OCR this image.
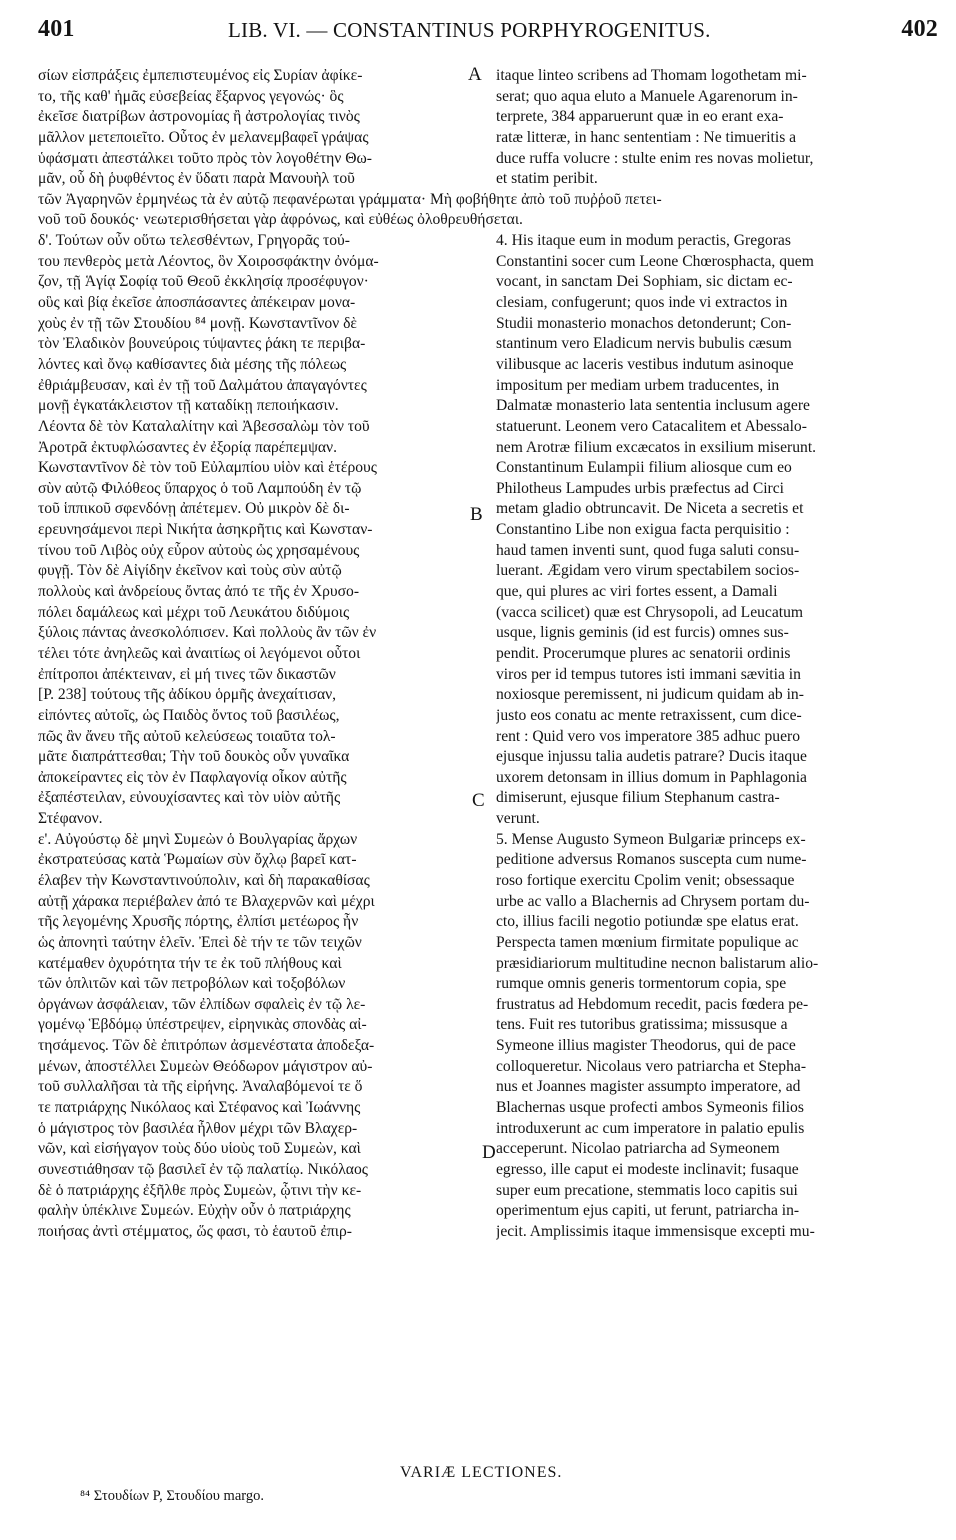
401	LIB. VI. — CONSTANTINUS PORPHYROGENITUS.	402
σίων εἰσπράξεις ἐμπεπιστευμένος εἰς Συρίαν ἀφίκε-
το, τῆς καθ' ἡμᾶς εὐσεβείας ἔξαρνος γεγονώς· ὃς
ἐκεῖσε διατρίβων ἀστρονομίας ἢ ἀστρολογίας τινὸς
μᾶλλον μετεποιεῖτο. Οὗτος ἐν μελανεμβαφεῖ γράψας
ὑφάσματι ἀπεστάλκει τοῦτο πρὸς τὸν λογοθέτην Θω-
μᾶν, οὗ δὴ ῥυφθέντος ἐν ὕδατι παρὰ Μανουὴλ τοῦ
τῶν Ἀγαρηνῶν ἑρμηνέως τὰ ἐν αὐτῷ πεφανέρωται γράμματα· Μὴ φοβήθητε ἀπὸ τοῦ πυῤῥοῦ πετει-
νοῦ τοῦ δουκός· νεωτερισθήσεται γὰρ ἀφρόνως, καὶ εὐθέως ὀλοθρευθήσεται.
δ'. Τούτων οὖν οὕτω τελεσθέντων, Γρηγορᾶς τού-
του πενθερὸς μετὰ Λέοντος, ὃν Χοιροσφάκτην ὀνόμα-
ζον, τῇ Ἁγίᾳ Σοφίᾳ τοῦ Θεοῦ ἐκκλησίᾳ προσέφυγον·
οὓς καὶ βίᾳ ἐκεῖσε ἀποσπάσαντες ἀπέκειραν μονα-
χοὺς ἐν τῇ τῶν Στουδίου ⁸⁴ μονῇ. Κωνσταντῖνον δὲ
τὸν Ἐλαδικὸν βουνεύροις τύψαντες ῥάκη τε περιβα-
λόντες καὶ ὄνῳ καθίσαντες διὰ μέσης τῆς πόλεως
ἐθριάμβευσαν, καὶ ἐν τῇ τοῦ Δαλμάτου ἀπαγαγόντες
μονῇ ἐγκατάκλειστον τῇ καταδίκῃ πεποιήκασιν.
Λέοντα δὲ τὸν Καταλαλίτην καὶ Ἀβεσσαλὼμ τὸν τοῦ
Ἀροτρᾶ ἐκτυφλώσαντες ἐν ἐξορίᾳ παρέπεμψαν.
Κωνσταντῖνον δὲ τὸν τοῦ Εὐλαμπίου υἱὸν καὶ ἑτέρους
σὺν αὐτῷ Φιλόθεος ὕπαρχος ὁ τοῦ Λαμπούδη ἐν τῷ
τοῦ ἱππικοῦ σφενδόνῃ ἀπέτεμεν. Οὐ μικρὸν δὲ δι-
ερευνησάμενοι περὶ Νικήτα ἀσηκρῆτις καὶ Κωνσταν-
τίνου τοῦ Λιβὸς οὐχ εὗρον αὐτοὺς ὡς χρησαμένους
φυγῇ. Τὸν δὲ Αἰγίδην ἐκεῖνον καὶ τοὺς σὺν αὐτῷ
πολλοὺς καὶ ἀνδρείους ὄντας ἀπό τε τῆς ἐν Χρυσο-
πόλει δαμάλεως καὶ μέχρι τοῦ Λευκάτου διδύμοις
ξύλοις πάντας ἀνεσκολόπισεν. Καὶ πολλοὺς ἂν τῶν ἐν
τέλει τότε ἀνηλεῶς καὶ ἀναιτίως οἱ λεγόμενοι οὗτοι
ἐπίτροποι ἀπέκτειναν, εἰ μή τινες τῶν δικαστῶν
[P. 238] τούτους τῆς ἀδίκου ὁρμῆς ἀνεχαίτισαν,
εἰπόντες αὐτοῖς, ὡς Παιδὸς ὄντος τοῦ βασιλέως,
πῶς ἂν ἄνευ τῆς αὐτοῦ κελεύσεως τοιαῦτα τολ-
μᾶτε διαπράττεσθαι; Τὴν τοῦ δουκὸς οὖν γυναῖκα
ἀποκείραντες εἰς τὸν ἐν Παφλαγονίᾳ οἶκον αὐτῆς
ἐξαπέστειλαν, εὐνουχίσαντες καὶ τὸν υἱὸν αὐτῆς
Στέφανον.
ε'. Αὐγούστῳ δὲ μηνὶ Συμεὼν ὁ Βουλγαρίας ἄρχων
ἐκστρατεύσας κατὰ Ῥωμαίων σὺν ὄχλῳ βαρεῖ κατ-
έλαβεν τὴν Κωνσταντινούπολιν, καὶ δὴ παρακαθίσας
αὐτῇ χάρακα περιέβαλεν ἀπό τε Βλαχερνῶν καὶ μέχρι
τῆς λεγομένης Χρυσῆς πόρτης, ἐλπίσι μετέωρος ἦν
ὡς ἀπονητὶ ταύτην ἑλεῖν. Ἐπεὶ δὲ τήν τε τῶν τειχῶν
κατέμαθεν ὀχυρότητα τήν τε ἐκ τοῦ πλήθους καὶ
τῶν ὁπλιτῶν καὶ τῶν πετροβόλων καὶ τοξοβόλων
ὀργάνων ἀσφάλειαν, τῶν ἐλπίδων σφαλεὶς ἐν τῷ λε-
γομένῳ Ἑβδόμῳ ὑπέστρεψεν, εἰρηνικὰς σπονδὰς αἰ-
τησάμενος. Τῶν δὲ ἐπιτρόπων ἀσμενέστατα ἀποδεξα-
μένων, ἀποστέλλει Συμεὼν Θεόδωρον μάγιστρον αὐ-
τοῦ συλλαλῆσαι τὰ τῆς εἰρήνης. Ἀναλαβόμενοί τε ὅ
τε πατριάρχης Νικόλαος καὶ Στέφανος καὶ Ἰωάννης
ὁ μάγιστρος τὸν βασιλέα ἦλθον μέχρι τῶν Βλαχερ-
νῶν, καὶ εἰσήγαγον τοὺς δύο υἱοὺς τοῦ Συμεὼν, καὶ
συνεστιάθησαν τῷ βασιλεῖ ἐν τῷ παλατίῳ. Νικόλαος
δὲ ὁ πατριάρχης ἐξῆλθε πρὸς Συμεὼν, ᾧτινι τὴν κε-
φαλὴν ὑπέκλινε Συμεών. Εὐχὴν οὖν ὁ πατριάρχης
ποιήσας ἀντὶ στέμματος, ὥς φασι, τὸ ἑαυτοῦ ἐπιρ-
itaque linteo scribens ad Thomam logothetam mi-
serat; quo aqua eluto a Manuele Agarenorum in-
terprete, 384 apparuerunt quæ in eo erant exa-
ratæ litteræ, in hanc sententiam : Ne timueritis a
duce ruffa volucre : stulte enim res novas molietur,
et statim peribit.
4. His itaque eum in modum peractis, Gregoras
Constantini socer cum Leone Chœrosphacta, quem
vocant, in sanctam Dei Sophiam, sic dictam ec-
clesiam, confugerunt; quos inde vi extractos in
Studii monasterio monachos detonderunt; Con-
stantinum vero Eladicum nervis bubulis cæsum
vilibusque ac laceris vestibus indutum asinoque
impositum per mediam urbem traducentes, in
Dalmatæ monasterio lata sententia inclusum agere
statuerunt. Leonem vero Catacalitem et Abessalo-
nem Arotræ filium excæcatos in exsilium miserunt.
Constantinum Eulampii filium aliosque cum eo
Philotheus Lampudes urbis præfectus ad Circi
metam gladio obtruncavit. De Niceta a secretis et
Constantino Libe non exigua facta perquisitio :
haud tamen inventi sunt, quod fuga saluti consu-
luerant. Ægidam vero virum spectabilem socios-
que, qui plures ac viri fortes essent, a Damali
(vacca scilicet) quæ est Chrysopoli, ad Leucatum
usque, lignis geminis (id est furcis) omnes sus-
pendit. Procerumque plures ac senatorii ordinis
viros per id tempus tutores isti immani sævitia in
noxiosque peremissent, ni judicum quidam ab in-
justo eos conatu ac mente retraxissent, cum dice-
rent : Quid vero vos imperatore 385 adhuc puero
ejusque injussu talia audetis patrare? Ducis itaque
uxorem detonsam in illius domum in Paphlagonia
dimiserunt, ejusque filium Stephanum castra-
verunt.
5. Mense Augusto Symeon Bulgariæ princeps ex-
peditione adversus Romanos suscepta cum nume-
roso fortique exercitu Cpolim venit; obsessaque
urbe ac vallo a Blachernis ad Chrysem portam du-
cto, illius facili negotio potiundæ spe elatus erat.
Perspecta tamen mœnium firmitate populique ac
præsidiariorum multitudine necnon balistarum alio-
rumque omnis generis tormentorum copia, spe
frustratus ad Hebdomum recedit, pacis fœdera pe-
tens. Fuit res tutoribus gratissima; missusque a
Symeone illius magister Theodorus, qui de pace
colloqueretur. Nicolaus vero patriarcha et Stepha-
nus et Joannes magister assumpto imperatore, ad
Blachernas usque profecti ambos Symeonis filios
introduxerunt ac cum imperatore in palatio epulis
acceperunt. Nicolao patriarcha ad Symeonem
egresso, ille caput ei modeste inclinavit; fusaque
super eum precatione, stemmatis loco capitis sui
operimentum ejus capiti, ut ferunt, patriarcha in-
jecit. Amplissimis itaque immensisque excepti mu-
A
B
C
D
VARIÆ LECTIONES.
⁸⁴ Στουδίων P, Στουδίου margo.
